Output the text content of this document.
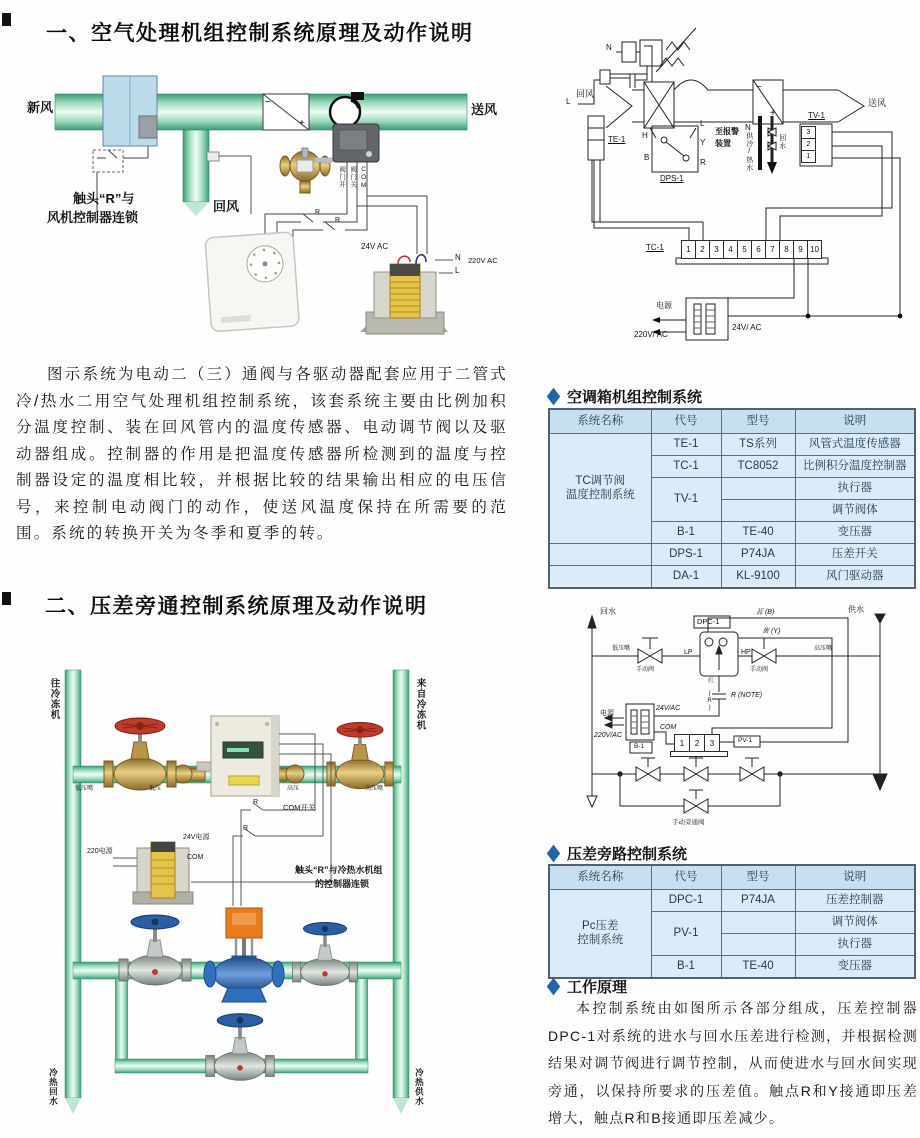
一、空气处理机组控制系统原理及动作说明
新风	送风
回风
触头“R”与
风机控制器连锁
−
+
阀门开 阀门关 COM
R
R
24V AC
N 220V AC
L
图示系统为电动二（三）通阀与各驱动器配套应用于二管式冷/热水二用空气处理机组控制系统，该套系统主要由比例加积分温度控制、装在回风管内的温度传感器、电动调节阀以及驱动器组成。控制器的作用是把温度传感器所检测到的温度与控制器设定的温度相比较，并根据比较的结果输出相应的电压信号，来控制电动阀门的动作，使送风温度保持在所需要的范围。系统的转换开关为冬季和夏季的转。
1	2	3	4	5	6	7	8	9 10
3
2
1
N
L
回风
送风
−
+
N
TE-1 H
B
L
Y
R
DPS-1
至报警
装置 供冷/热水	回水
TV-1
TC-1
电源
220V/ AC
24V/ AC
空调箱机组控制系统
系统名称	代号	型号	说明

TC调节阀
温度控制系统	TE-1	TS系列	风管式温度传感器
	TC-1	TC8052	比例积分温度控制器
	TV-1		执行器
			调节阀体
	B-1	TE-40	变压器
	DPS-1	P74JA	压差开关
	DA-1	KL-9100	风门驱动器
二、压差旁通控制系统原理及动作说明
往冷冻机	来自冷冻机
低压嘴	低压	高压	高压嘴
COM开关
R
R
220电源
24V电源
COM
触头“R”与冷热水机组
的控制器连锁
冷热回水	冷热供水
1	2	3
回水	供水
低压嘴
手动阀
LP
DPC-1
HP
手动阀
高压嘴
蓝 (B)
黄 (Y)
红 (R)	R (NOTE)
24V/AC
电源
220V/AC
B-1
COM
PV-1
手动旁通阀
压差旁路控制系统
系统名称	代号	型号	说明

Pc压差
控制系统	DPC-1	P74JA	压差控制器
	PV-1		调节阀体
			执行器
	B-1	TE-40	变压器
工作原理
本控制系统由如图所示各部分组成，压差控制器DPC-1对系统的进水与回水压差进行检测，并根据检测结果对调节阀进行调节控制，从而使进水与回水间实现旁通，以保持所要求的压差值。触点R和Y接通即压差增大，触点R和B接通即压差减少。
